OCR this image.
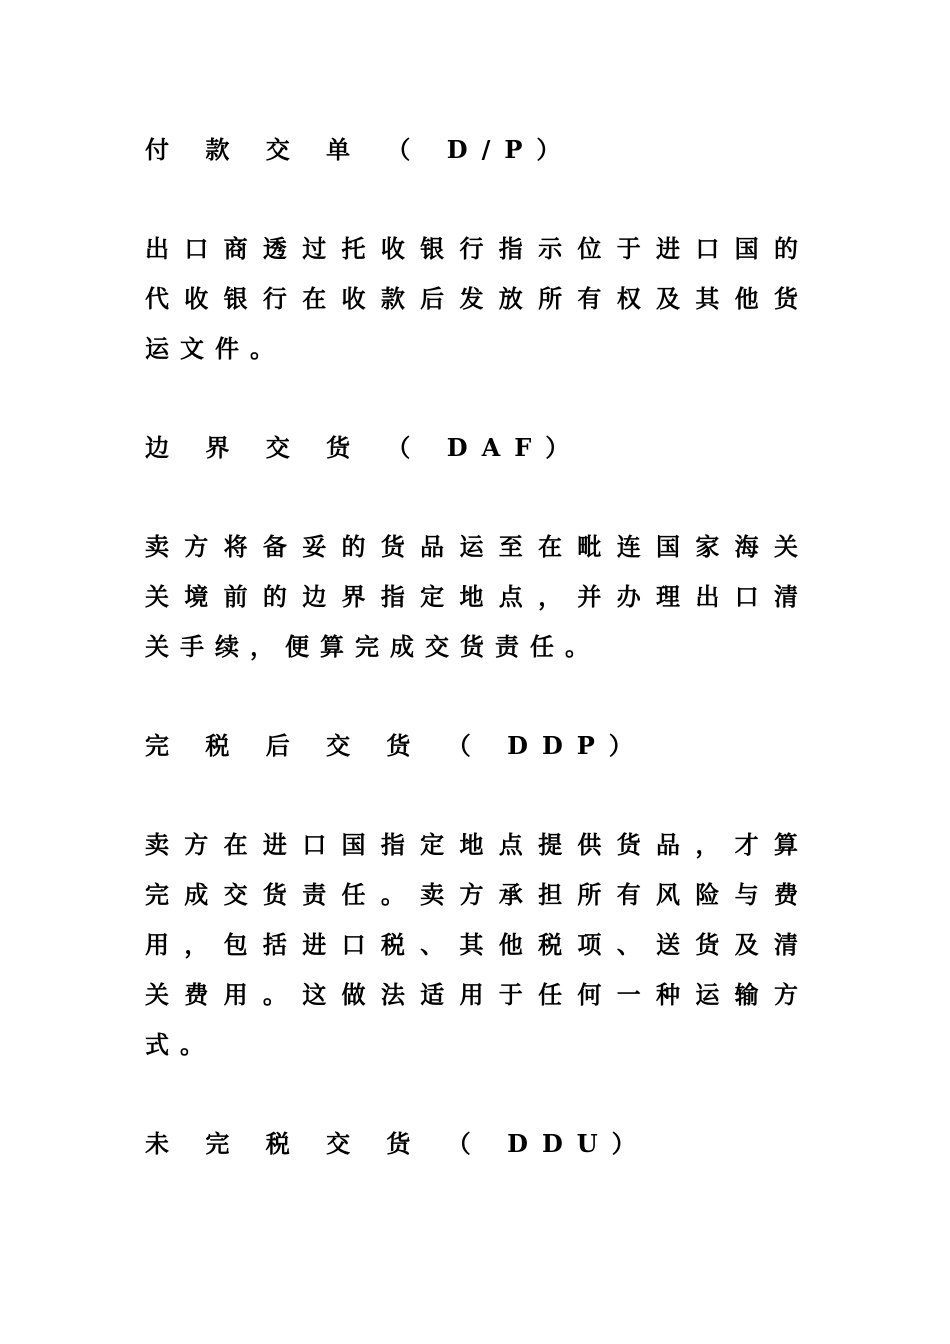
付 款 交 单 （ D/P）
出口商透过托收银行指示位于进口国的
代收银行在收款后发放所有权及其他货
运文件。
边 界 交 货 （ DAF）
卖方将备妥的货品运至在毗连国家海关
关境前的边界指定地点，并办理出口清
关手续，便算完成交货责任。
完 税 后 交 货 （ DDP）
卖方在进口国指定地点提供货品，才算
完成交货责任。卖方承担所有风险与费
用，包括进口税、其他税项、送货及清
关费用。这做法适用于任何一种运输方
式。
未 完 税 交 货 （ DDU）
